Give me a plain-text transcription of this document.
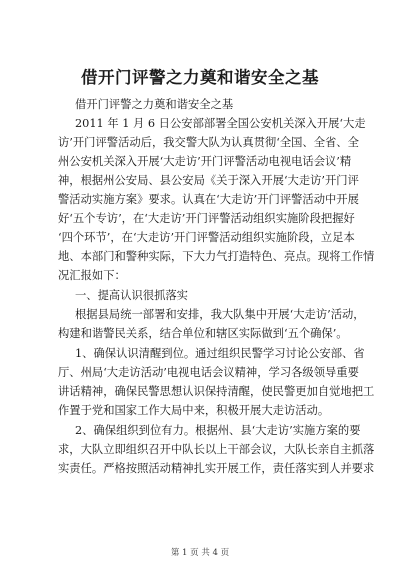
借开门评警之力奠和谐安全之基
借开门评警之力奠和谐安全之基
2011 年 1 月 6 日公安部部署全国公安机关深入开展‘大走
访’开门评警活动后，我交警大队为认真贯彻‘全国、全省、全
州公安机关深入开展‘大走访’开门评警活动电视电话会议’精
神，根据州公安局、县公安局《关于深入开展‘大走访’开门评
警活动实施方案》要求。认真在‘大走访’开门评警活动中开展
好‘五个专访’，在‘大走访’开门评警活动组织实施阶段把握好
‘四个环节’，在‘大走访’开门评警活动组织实施阶段，立足本
地、本部门和警种实际，下大力气打造特色、亮点。现将工作情
况汇报如下：
一、提高认识很抓落实
根据县局统一部署和安排，我大队集中开展‘大走访’活动，
构建和谐警民关系，结合单位和辖区实际做到‘五个确保’。
1、确保认识清醒到位。通过组织民警学习讨论公安部、省
厅、州局‘大走访活动’电视电话会议精神，学习各级领导重要
讲话精神，确保民警思想认识保持清醒，使民警更加自觉地把工
作置于党和国家工作大局中来，积极开展大走访活动。
2、确保组织到位有力。根据州、县‘大走访’实施方案的要
求，大队立即组织召开中队长以上干部会议，大队长亲自主抓落
实责任。严格按照活动精神扎实开展工作，责任落实到人并要求
第 1 页 共 4 页
